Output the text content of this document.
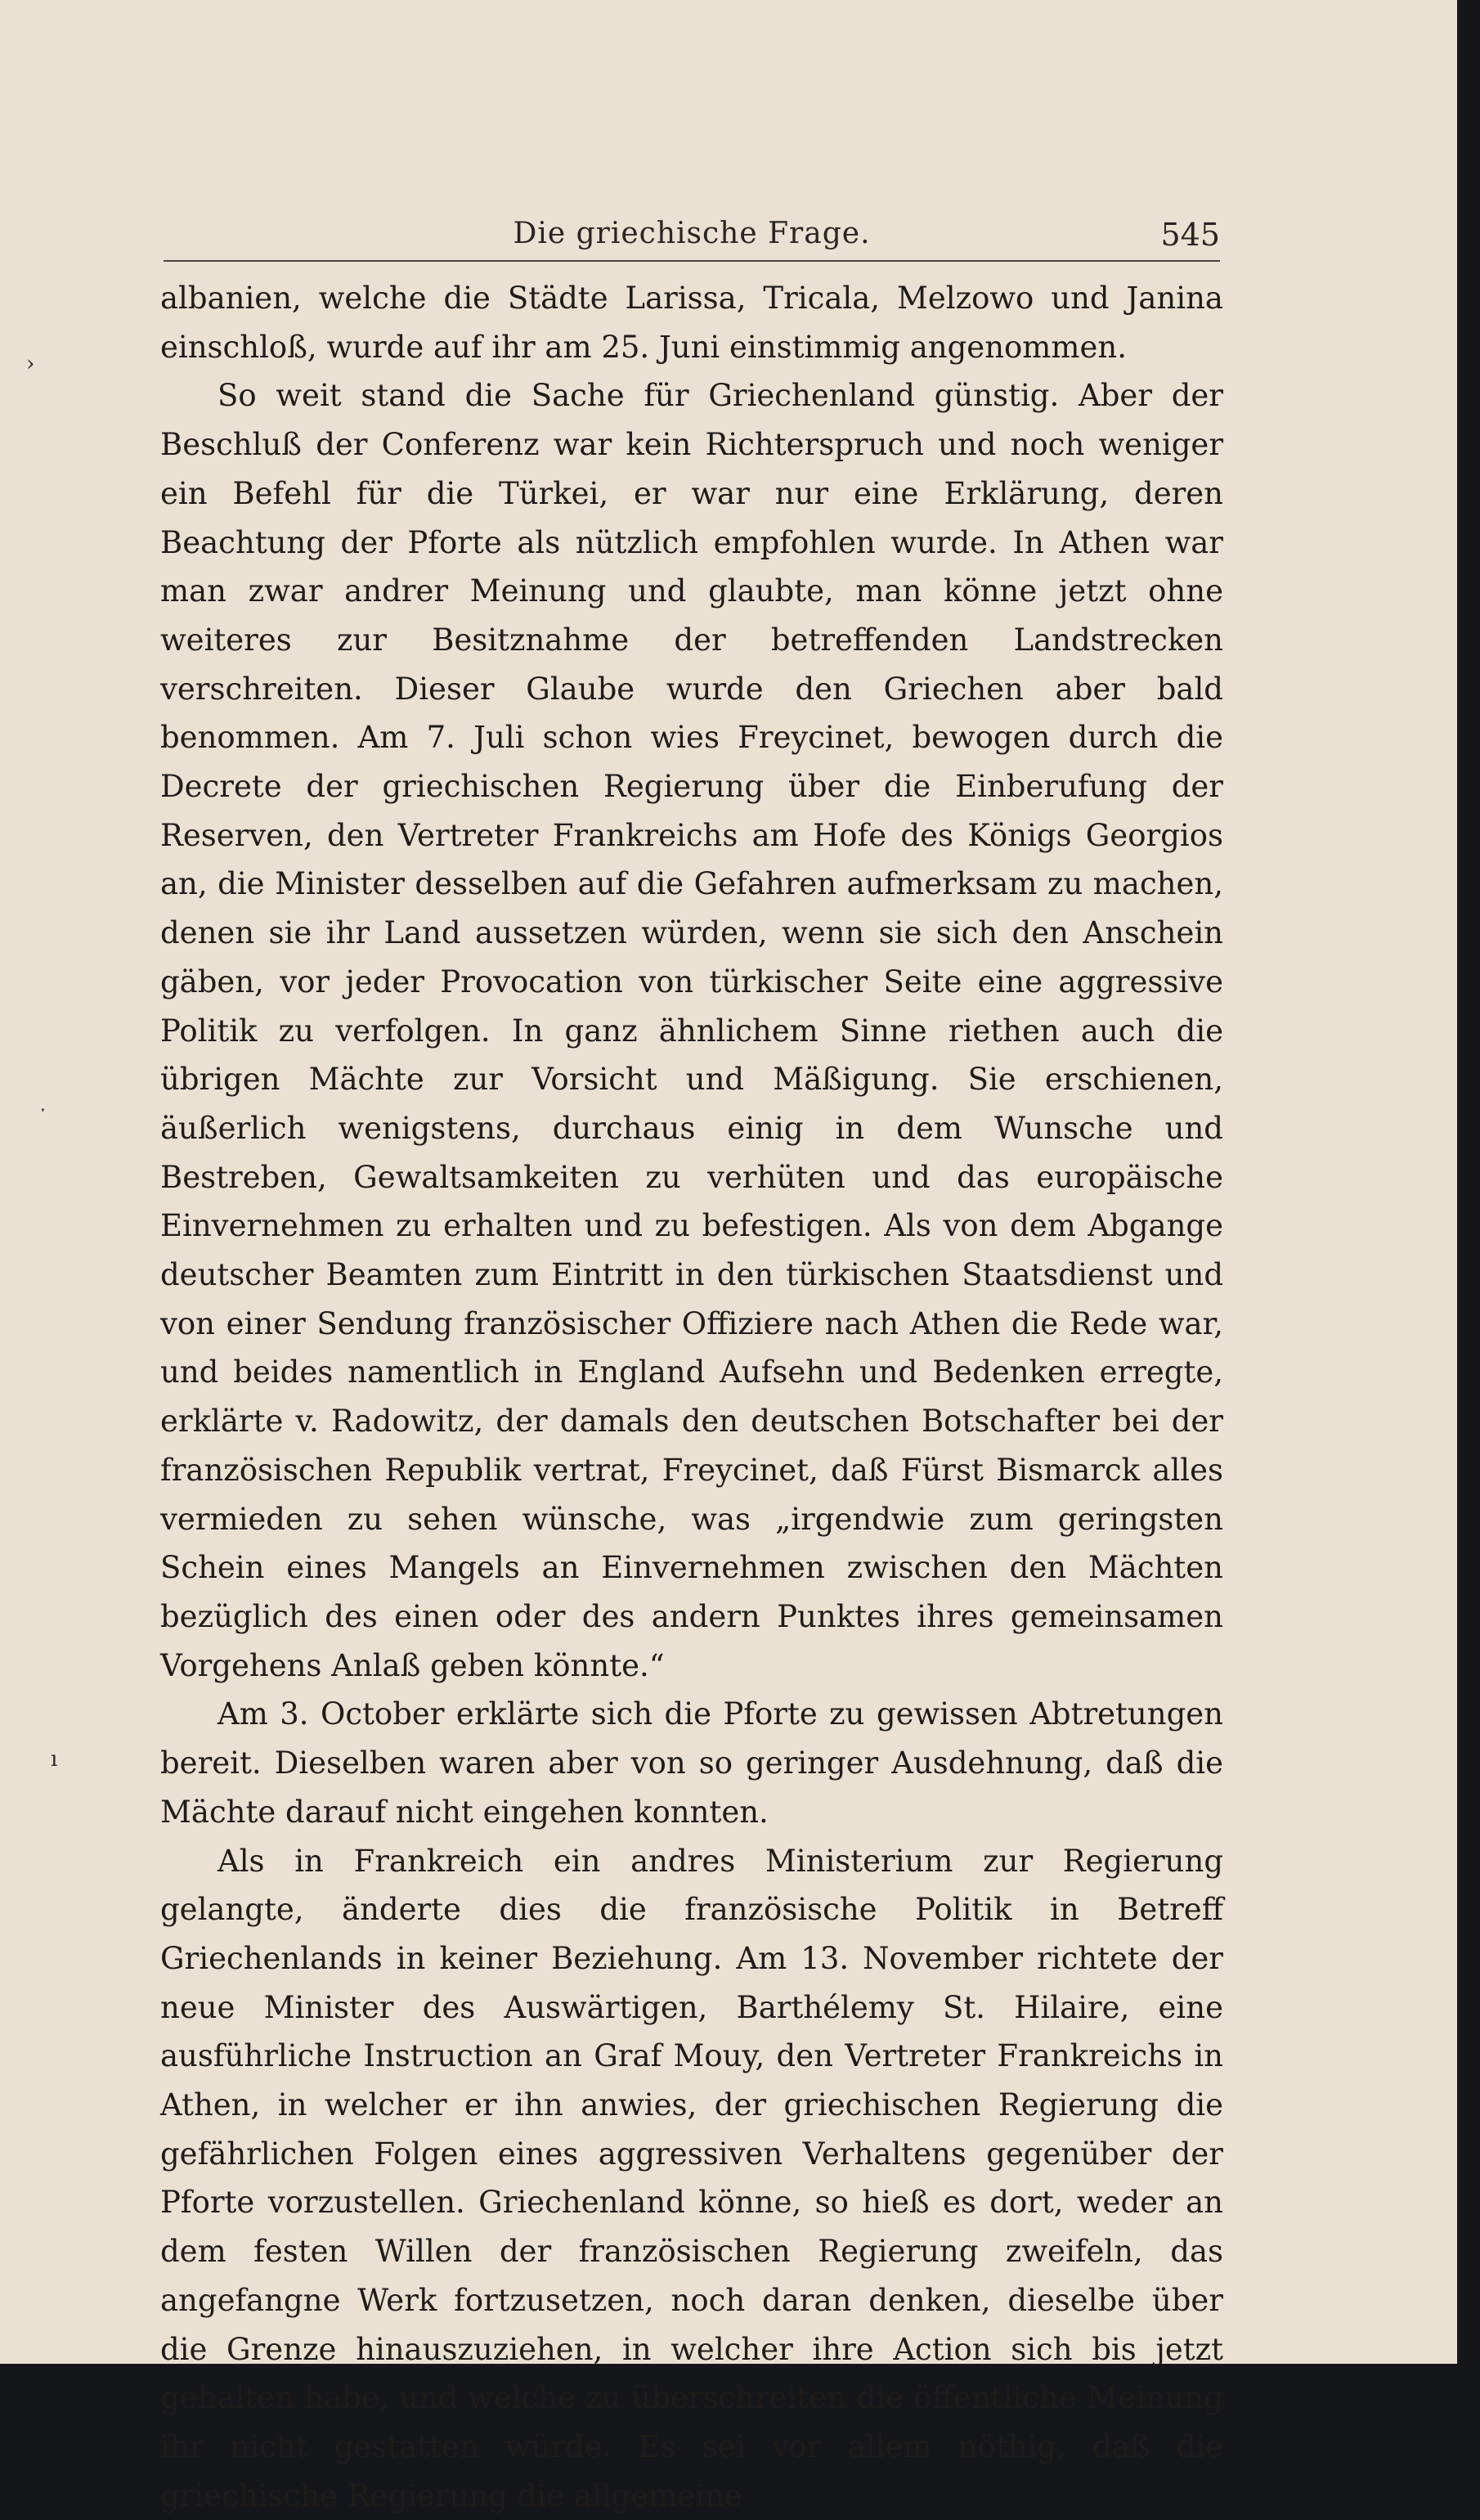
Die griechische Frage.	545

albanien, welche die Städte Larissa, Tricala, Melzowo und Janina einschloß, wurde auf ihr am 25. Juni einstimmig angenommen.

So weit stand die Sache für Griechenland günstig. Aber der Beschluß der Conferenz war kein Richterspruch und noch weniger ein Befehl für die Türkei, er war nur eine Erklärung, deren Beachtung der Pforte als nützlich empfohlen wurde. In Athen war man zwar andrer Meinung und glaubte, man könne jetzt ohne weiteres zur Besitznahme der betreffenden Landstrecken verschreiten. Dieser Glaube wurde den Griechen aber bald benommen. Am 7. Juli schon wies Freycinet, bewogen durch die Decrete der griechischen Regierung über die Einberufung der Reserven, den Vertreter Frankreichs am Hofe des Königs Georgios an, die Minister desselben auf die Gefahren aufmerksam zu machen, denen sie ihr Land aussetzen würden, wenn sie sich den Anschein gäben, vor jeder Provocation von türkischer Seite eine aggressive Politik zu verfolgen. In ganz ähnlichem Sinne riethen auch die übrigen Mächte zur Vorsicht und Mäßigung. Sie erschienen, äußerlich wenigstens, durchaus einig in dem Wunsche und Bestreben, Gewaltsamkeiten zu verhüten und das europäische Einvernehmen zu erhalten und zu befestigen. Als von dem Abgange deutscher Beamten zum Eintritt in den türkischen Staatsdienst und von einer Sendung französischer Offiziere nach Athen die Rede war, und beides namentlich in England Aufsehn und Bedenken erregte, erklärte v. Radowitz, der damals den deutschen Botschafter bei der französischen Republik vertrat, Freycinet, daß Fürst Bismarck alles vermieden zu sehen wünsche, was „irgendwie zum geringsten Schein eines Mangels an Einvernehmen zwischen den Mächten bezüglich des einen oder des andern Punktes ihres gemeinsamen Vorgehens Anlaß geben könnte.“

Am 3. October erklärte sich die Pforte zu gewissen Abtretungen bereit. Dieselben waren aber von so geringer Ausdehnung, daß die Mächte darauf nicht eingehen konnten.

Als in Frankreich ein andres Ministerium zur Regierung gelangte, änderte dies die französische Politik in Betreff Griechenlands in keiner Beziehung. Am 13. November richtete der neue Minister des Auswärtigen, Barthélemy St. Hilaire, eine ausführliche Instruction an Graf Mouy, den Vertreter Frankreichs in Athen, in welcher er ihn anwies, der griechischen Regierung die gefährlichen Folgen eines aggressiven Verhaltens gegenüber der Pforte vorzustellen. Griechenland könne, so hieß es dort, weder an dem festen Willen der französischen Regierung zweifeln, das angefangne Werk fortzusetzen, noch daran denken, dieselbe über die Grenze hinauszuziehen, in welcher ihre Action sich bis jetzt gehalten habe, und welche zu überschreiten die öffentliche Meinung ihr nicht gestatten würde. Es sei vor allem nöthig, daß die griechische Regierung die allgemeine

›
ˑ
ı
